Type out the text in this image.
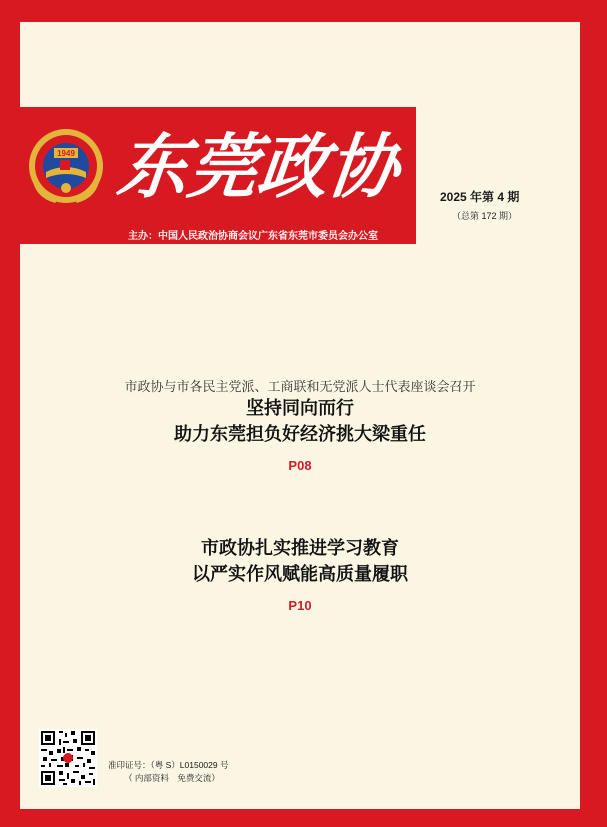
1949 东莞政协
主办：中国人民政治协商会议广东省东莞市委员会办公室
2025 年第 4 期
（总第 172 期）
市政协与市各民主党派、工商联和无党派人士代表座谈会召开
坚持同向而行
助力东莞担负好经济挑大梁重任
P08
市政协扎实推进学习教育
以严实作风赋能高质量履职
P10
准印证号：（粤 S）L0150029 号
（ 内部资料　免费交流）
